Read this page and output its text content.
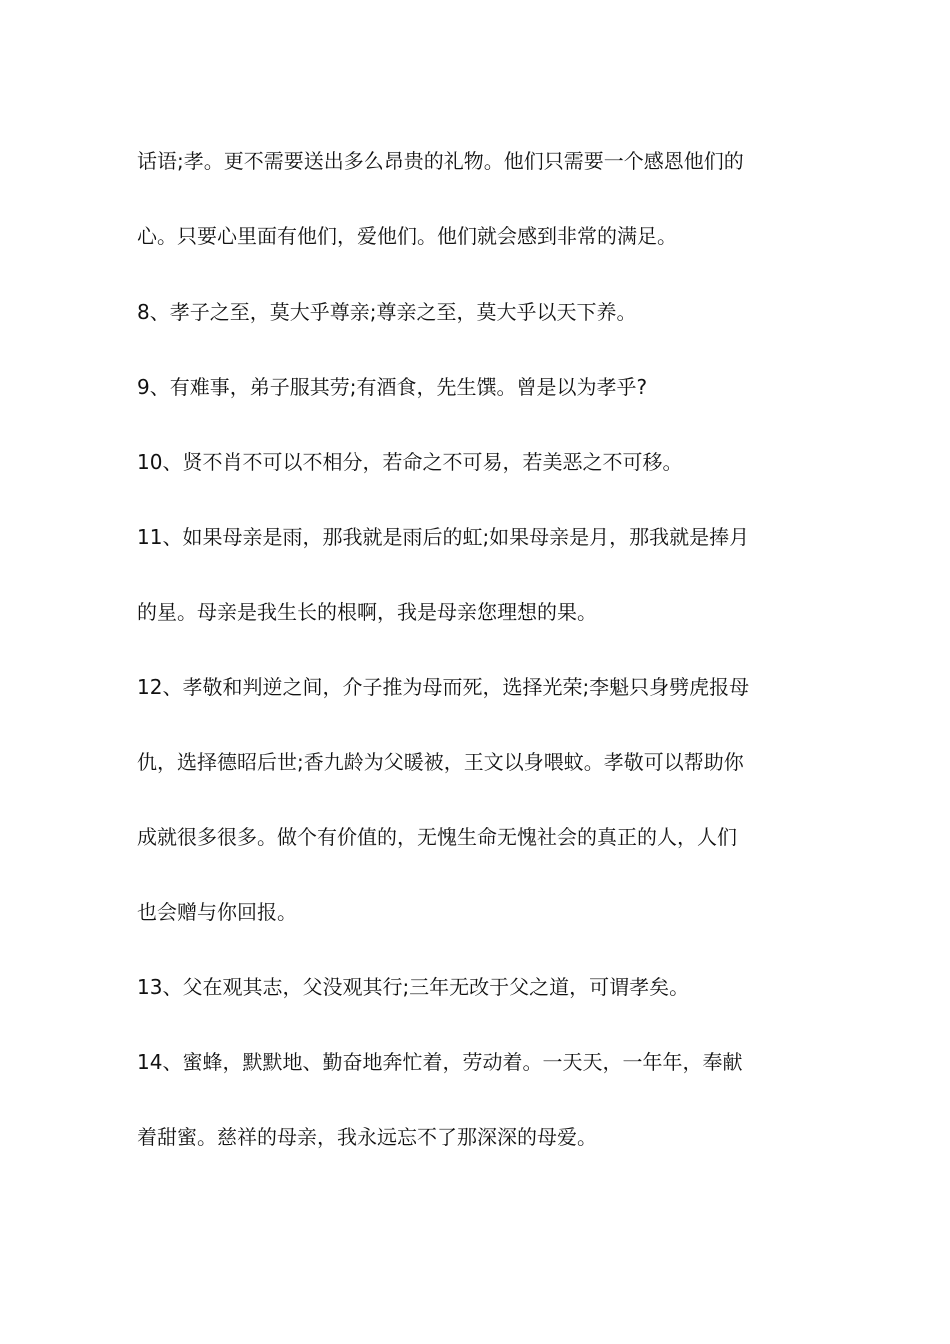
话语;孝。更不需要送出多么昂贵的礼物。他们只需要一个感恩他们的
心。只要心里面有他们，爱他们。他们就会感到非常的满足。
8、孝子之至，莫大乎尊亲;尊亲之至，莫大乎以天下养。
9、有难事，弟子服其劳;有酒食，先生馔。曾是以为孝乎?
10、贤不肖不可以不相分，若命之不可易，若美恶之不可移。
11、如果母亲是雨，那我就是雨后的虹;如果母亲是月，那我就是捧月
的星。母亲是我生长的根啊，我是母亲您理想的果。
12、孝敬和判逆之间，介子推为母而死，选择光荣;李魁只身劈虎报母
仇，选择德昭后世;香九龄为父暖被，王文以身喂蚊。孝敬可以帮助你
成就很多很多。做个有价值的，无愧生命无愧社会的真正的人，人们
也会赠与你回报。
13、父在观其志，父没观其行;三年无改于父之道，可谓孝矣。
14、蜜蜂，默默地、勤奋地奔忙着，劳动着。一天天，一年年，奉献
着甜蜜。慈祥的母亲，我永远忘不了那深深的母爱。
